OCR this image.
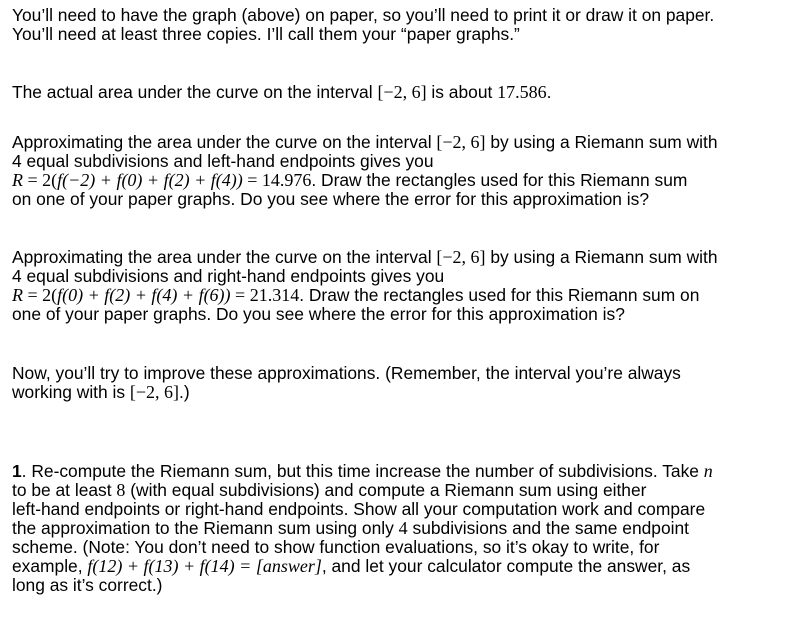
You’ll need to have the graph (above) on paper, so you’ll need to print it or draw it on paper.

You’ll need at least three copies. I’ll call them your “paper graphs.”

The actual area under the curve on the interval [−2, 6] is about 17.586.

Approximating the area under the curve on the interval [−2, 6] by using a Riemann sum with

4 equal subdivisions and left-hand endpoints gives you

R = 2(f(−2) + f(0) + f(2) + f(4)) = 14.976. Draw the rectangles used for this Riemann sum

on one of your paper graphs. Do you see where the error for this approximation is?

Approximating the area under the curve on the interval [−2, 6] by using a Riemann sum with

4 equal subdivisions and right-hand endpoints gives you

R = 2(f(0) + f(2) + f(4) + f(6)) = 21.314. Draw the rectangles used for this Riemann sum on

one of your paper graphs. Do you see where the error for this approximation is?

Now, you’ll try to improve these approximations. (Remember, the interval you’re always

working with is [−2, 6].)

1. Re-compute the Riemann sum, but this time increase the number of subdivisions. Take n

to be at least 8 (with equal subdivisions) and compute a Riemann sum using either

left-hand endpoints or right-hand endpoints. Show all your computation work and compare

the approximation to the Riemann sum using only 4 subdivisions and the same endpoint

scheme. (Note: You don’t need to show function evaluations, so it’s okay to write, for

example, f(12) + f(13) + f(14) = [answer], and let your calculator compute the answer, as

long as it’s correct.)
